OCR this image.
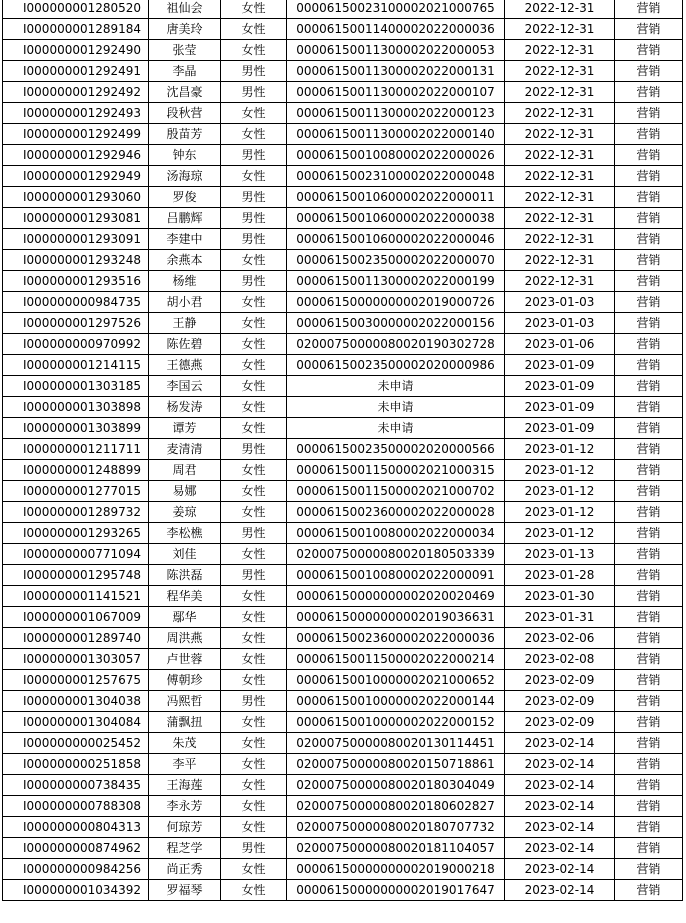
I000000001280520	祖仙会	女性	00006150023100002021000765	2022-12-31	营销
I000000001289184	唐美玲	女性	00006150011400002022000036	2022-12-31	营销
I000000001292490	张莹	女性	00006150011300002022000053	2022-12-31	营销
I000000001292491	李晶	男性	00006150011300002022000131	2022-12-31	营销
I000000001292492	沈昌豪	男性	00006150011300002022000107	2022-12-31	营销
I000000001292493	段秋营	女性	00006150011300002022000123	2022-12-31	营销
I000000001292499	殷苗芳	女性	00006150011300002022000140	2022-12-31	营销
I000000001292946	钟东	男性	00006150010080002022000026	2022-12-31	营销
I000000001292949	汤海琼	女性	00006150023100002022000048	2022-12-31	营销
I000000001293060	罗俊	男性	00006150010600002022000011	2022-12-31	营销
I000000001293081	吕鹏辉	男性	00006150010600002022000038	2022-12-31	营销
I000000001293091	李建中	男性	00006150010600002022000046	2022-12-31	营销
I000000001293248	余燕本	女性	00006150023500002022000070	2022-12-31	营销
I000000001293516	杨维	男性	00006150011300002022000199	2022-12-31	营销
I000000000984735	胡小君	女性	00006150000000002019000726	2023-01-03	营销
I000000001297526	王静	女性	00006150030000002022000156	2023-01-03	营销
I000000000970992	陈佐碧	女性	02000750000080020190302728	2023-01-06	营销
I000000001214115	王德燕	女性	00006150023500002020000986	2023-01-09	营销
I000000001303185	李国云	女性	未申请	2023-01-09	营销
I000000001303898	杨发涛	女性	未申请	2023-01-09	营销
I000000001303899	谭芳	女性	未申请	2023-01-09	营销
I000000001211711	麦清清	男性	00006150023500002020000566	2023-01-12	营销
I000000001248899	周君	女性	00006150011500002021000315	2023-01-12	营销
I000000001277015	易娜	女性	00006150011500002021000702	2023-01-12	营销
I000000001289732	姜琼	女性	00006150023600002022000028	2023-01-12	营销
I000000001293265	李松樵	男性	00006150010080002022000034	2023-01-12	营销
I000000000771094	刘佳	女性	02000750000080020180503339	2023-01-13	营销
I000000001295748	陈洪磊	男性	00006150010080002022000091	2023-01-28	营销
I000000001141521	程华美	女性	00006150000000002020020469	2023-01-30	营销
I000000001067009	鄢华	女性	00006150000000002019036631	2023-01-31	营销
I000000001289740	周洪燕	女性	00006150023600002022000036	2023-02-06	营销
I000000001303057	卢世蓉	女性	00006150011500002022000214	2023-02-08	营销
I000000001257675	傅朝珍	女性	00006150010000002021000652	2023-02-09	营销
I000000001304038	冯熙哲	男性	00006150010000002022000144	2023-02-09	营销
I000000001304084	蒲飘扭	女性	00006150010000002022000152	2023-02-09	营销
I000000000025452	朱茂	女性	02000750000080020130114451	2023-02-14	营销
I000000000251858	李平	女性	02000750000080020150718861	2023-02-14	营销
I000000000738435	王海莲	女性	02000750000080020180304049	2023-02-14	营销
I000000000788308	李永芳	女性	02000750000080020180602827	2023-02-14	营销
I000000000804313	何琼芳	女性	02000750000080020180707732	2023-02-14	营销
I000000000874962	程芝学	男性	02000750000080020181104057	2023-02-14	营销
I000000000984256	尚正秀	女性	00006150000000002019000218	2023-02-14	营销
I000000001034392	罗福琴	女性	00006150000000002019017647	2023-02-14	营销
